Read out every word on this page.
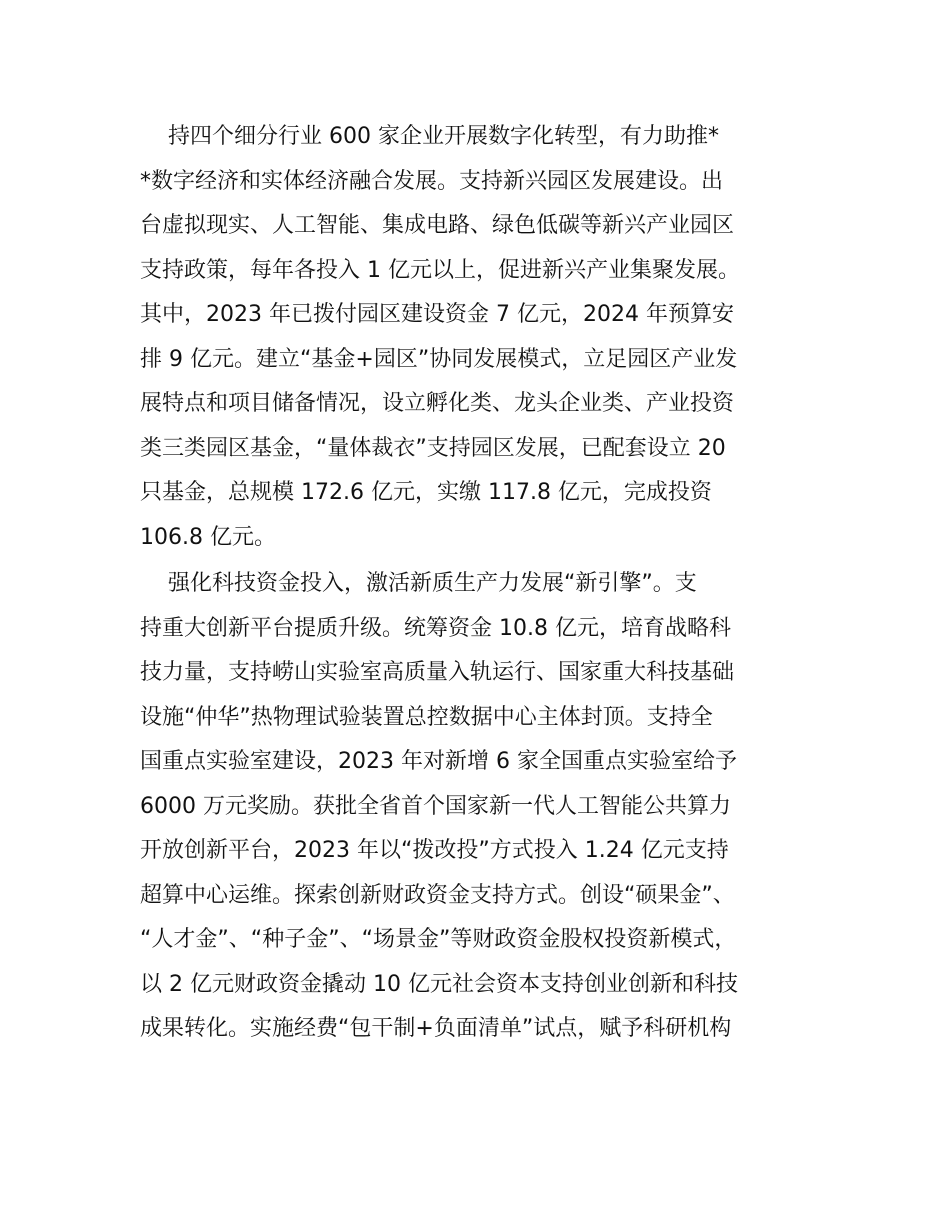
持四个细分行业 600 家企业开展数字化转型，有力助推*
*数字经济和实体经济融合发展。支持新兴园区发展建设。出
台虚拟现实、人工智能、集成电路、绿色低碳等新兴产业园区
支持政策，每年各投入 1 亿元以上，促进新兴产业集聚发展。
其中，2023 年已拨付园区建设资金 7 亿元，2024 年预算安
排 9 亿元。建立“基金+园区”协同发展模式，立足园区产业发
展特点和项目储备情况，设立孵化类、龙头企业类、产业投资
类三类园区基金，“量体裁衣”支持园区发展，已配套设立 20
只基金，总规模 172.6 亿元，实缴 117.8 亿元，完成投资
106.8 亿元。
强化科技资金投入，激活新质生产力发展“新引擎”。支
持重大创新平台提质升级。统筹资金 10.8 亿元，培育战略科
技力量，支持崂山实验室高质量入轨运行、国家重大科技基础
设施“仲华”热物理试验装置总控数据中心主体封顶。支持全
国重点实验室建设，2023 年对新增 6 家全国重点实验室给予
6000 万元奖励。获批全省首个国家新一代人工智能公共算力
开放创新平台，2023 年以“拨改投”方式投入 1.24 亿元支持
超算中心运维。探索创新财政资金支持方式。创设“硕果金”、
“人才金”、“种子金”、“场景金”等财政资金股权投资新模式，
以 2 亿元财政资金撬动 10 亿元社会资本支持创业创新和科技
成果转化。实施经费“包干制+负面清单”试点，赋予科研机构
